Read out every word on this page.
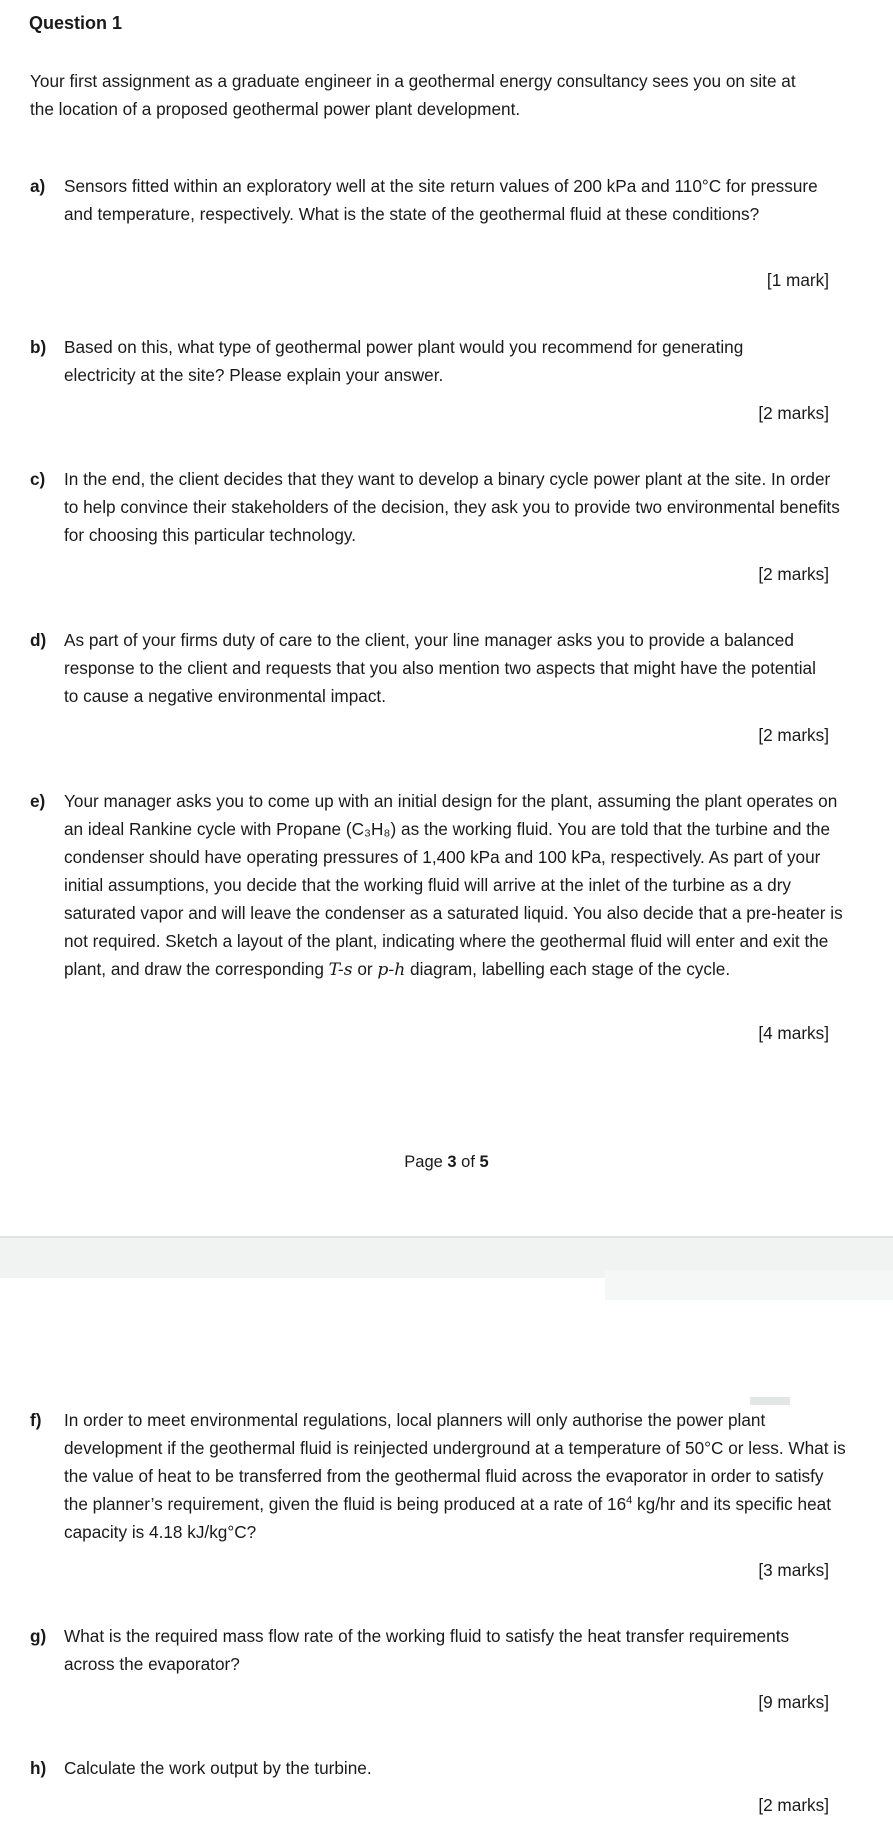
Question 1
Your first assignment as a graduate engineer in a geothermal energy consultancy sees you on site at the location of a proposed geothermal power plant development.
a) Sensors fitted within an exploratory well at the site return values of 200 kPa and 110°C for pressure and temperature, respectively. What is the state of the geothermal fluid at these conditions?
[1 mark]
b) Based on this, what type of geothermal power plant would you recommend for generating electricity at the site? Please explain your answer.
[2 marks]
c) In the end, the client decides that they want to develop a binary cycle power plant at the site. In order to help convince their stakeholders of the decision, they ask you to provide two environmental benefits for choosing this particular technology.
[2 marks]
d) As part of your firms duty of care to the client, your line manager asks you to provide a balanced response to the client and requests that you also mention two aspects that might have the potential to cause a negative environmental impact.
[2 marks]
e) Your manager asks you to come up with an initial design for the plant, assuming the plant operates on an ideal Rankine cycle with Propane (C₃H₈) as the working fluid. You are told that the turbine and the condenser should have operating pressures of 1,400 kPa and 100 kPa, respectively. As part of your initial assumptions, you decide that the working fluid will arrive at the inlet of the turbine as a dry saturated vapor and will leave the condenser as a saturated liquid. You also decide that a pre-heater is not required. Sketch a layout of the plant, indicating where the geothermal fluid will enter and exit the plant, and draw the corresponding T-s or p-h diagram, labelling each stage of the cycle.
[4 marks]
Page 3 of 5
f) In order to meet environmental regulations, local planners will only authorise the power plant development if the geothermal fluid is reinjected underground at a temperature of 50°C or less. What is the value of heat to be transferred from the geothermal fluid across the evaporator in order to satisfy the planner’s requirement, given the fluid is being produced at a rate of $16^4$ kg/hr and its specific heat capacity is 4.18 kJ/kg°C?
[3 marks]
g) What is the required mass flow rate of the working fluid to satisfy the heat transfer requirements across the evaporator?
[9 marks]
h) Calculate the work output by the turbine.
[2 marks]
